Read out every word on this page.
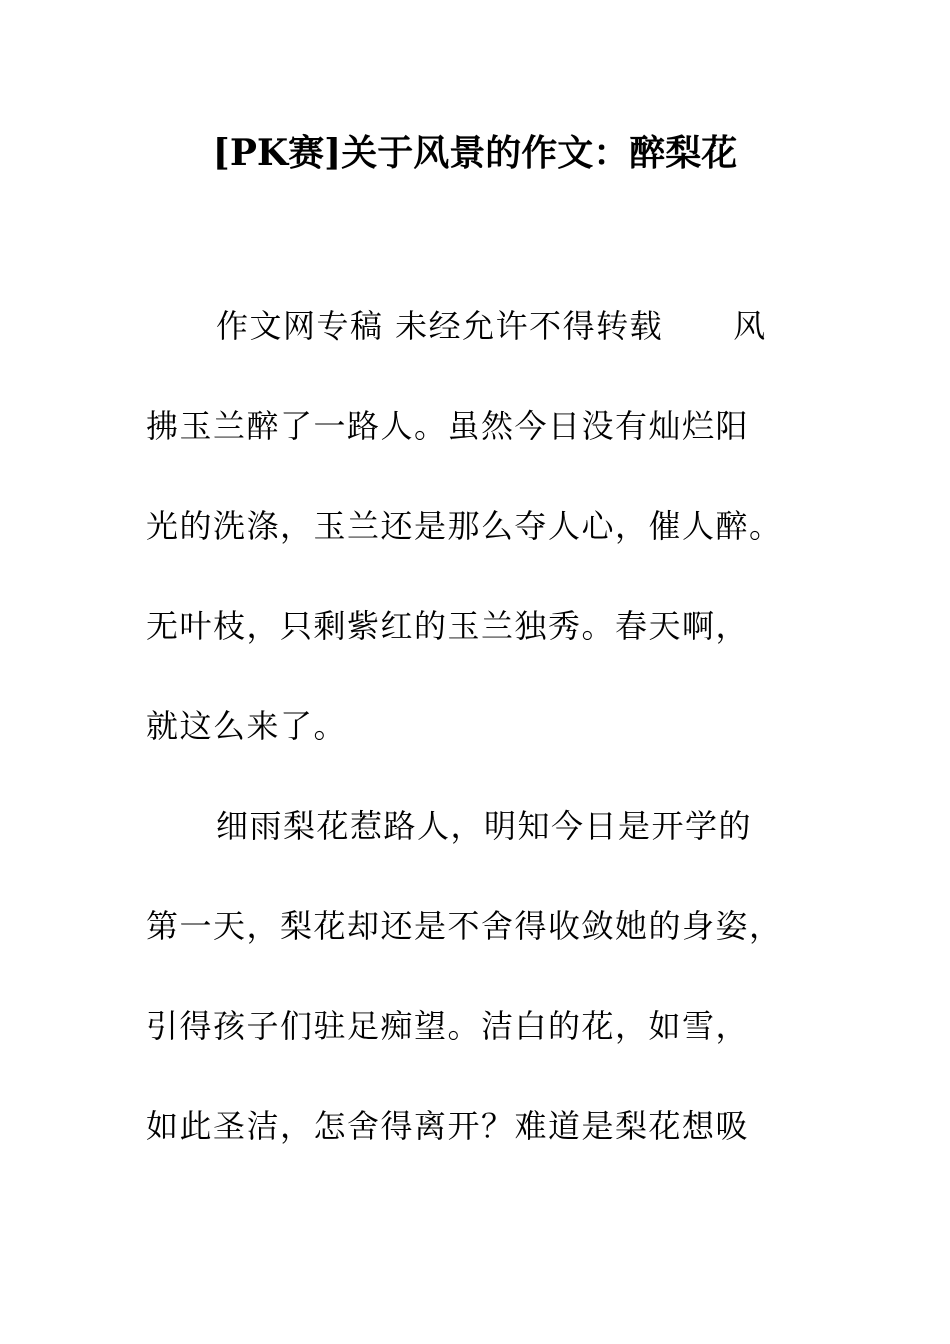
[PK赛]关于风景的作文：醉梨花
作文网专稿 未经允许不得转载 风
拂玉兰醉了一路人。虽然今日没有灿烂阳
光的洗涤，玉兰还是那么夺人心，催人醉。
无叶枝，只剩紫红的玉兰独秀。春天啊，
就这么来了。
细雨梨花惹路人，明知今日是开学的
第一天，梨花却还是不舍得收敛她的身姿，
引得孩子们驻足痴望。洁白的花，如雪，
如此圣洁，怎舍得离开？难道是梨花想吸
